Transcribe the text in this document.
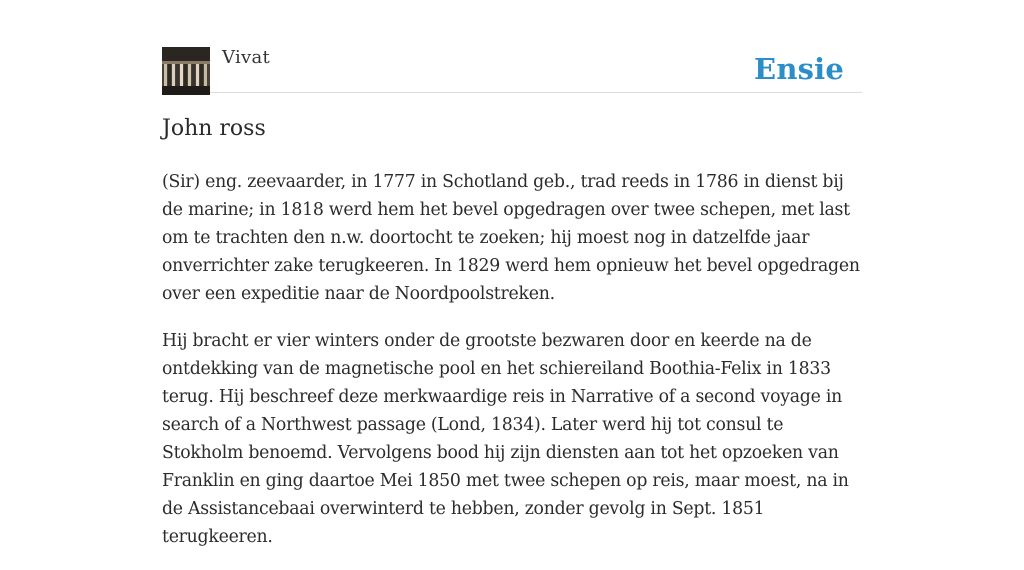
Vivat	Ensie
John ross

(Sir) eng. zeevaarder, in 1777 in Schotland geb., trad reeds in 1786 in dienst bij de marine; in 1818 werd hem het bevel opgedragen over twee schepen, met last om te trachten den n.w. doortocht te zoeken; hij moest nog in datzelfde jaar onverrichter zake terugkeeren. In 1829 werd hem opnieuw het bevel opgedragen over een expeditie naar de Noordpoolstreken.

Hij bracht er vier winters onder de grootste bezwaren door en keerde na de ontdekking van de magnetische pool en het schiereiland Boothia-Felix in 1833 terug. Hij beschreef deze merkwaardige reis in Narrative of a second voyage in search of a Northwest passage (Lond, 1834). Later werd hij tot consul te Stokholm benoemd. Vervolgens bood hij zijn diensten aan tot het opzoeken van Franklin en ging daartoe Mei 1850 met twee schepen op reis, maar moest, na in de Assistancebaai overwinterd te hebben, zonder gevolg in Sept. 1851 terugkeeren.
